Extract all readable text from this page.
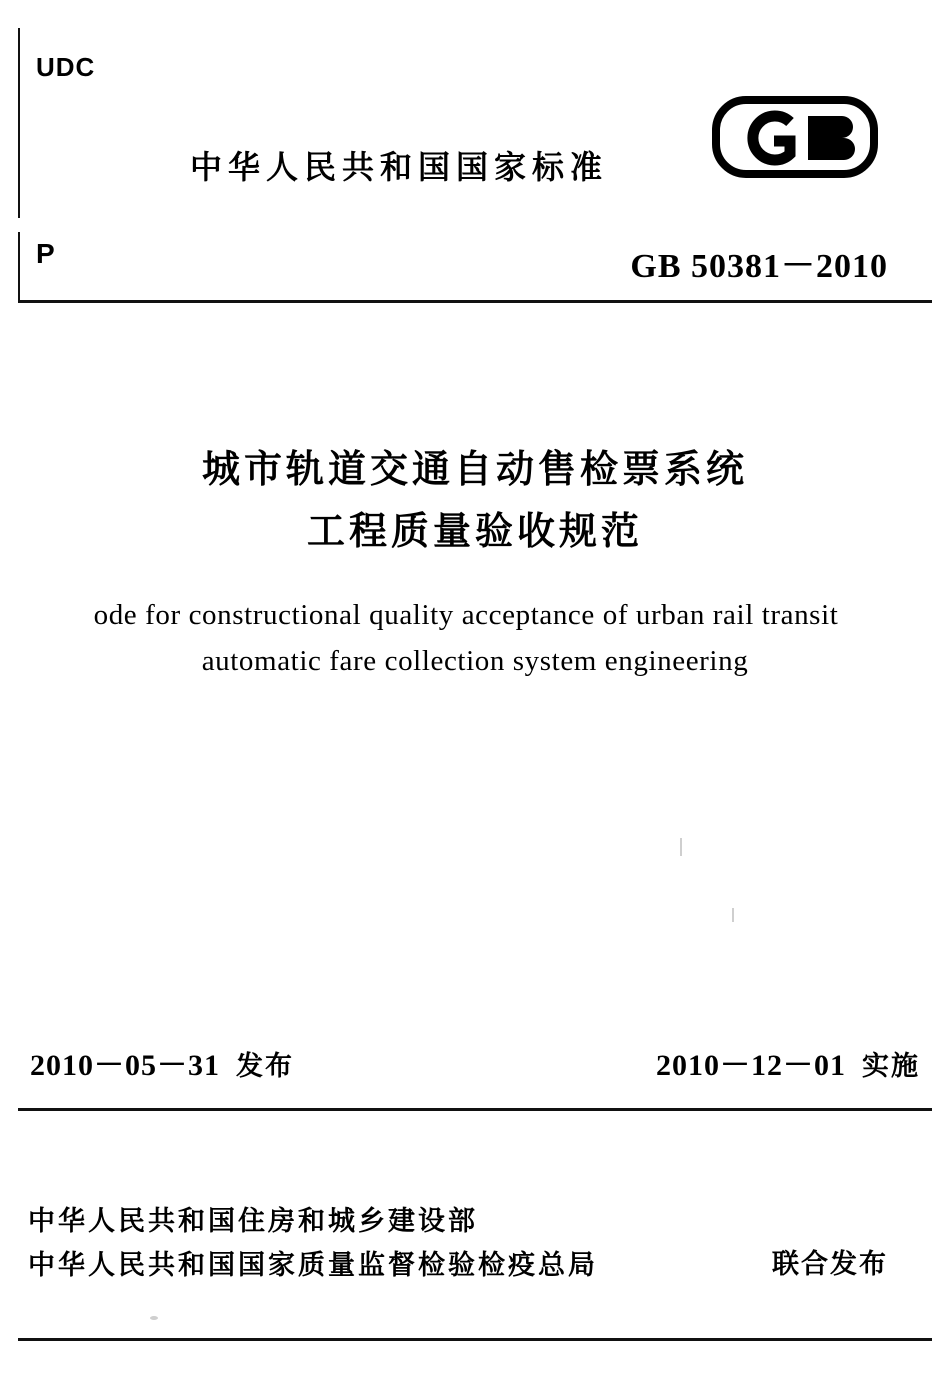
UDC
中华人民共和国国家标准
P	GB 50381－2010
城市轨道交通自动售检票系统
工程质量验收规范
ode for constructional quality acceptance of urban rail transit
automatic fare collection system engineering
2010－05－31 发布	2010－12－01 实施
中华人民共和国住房和城乡建设部
中华人民共和国国家质量监督检验检疫总局	联合发布
